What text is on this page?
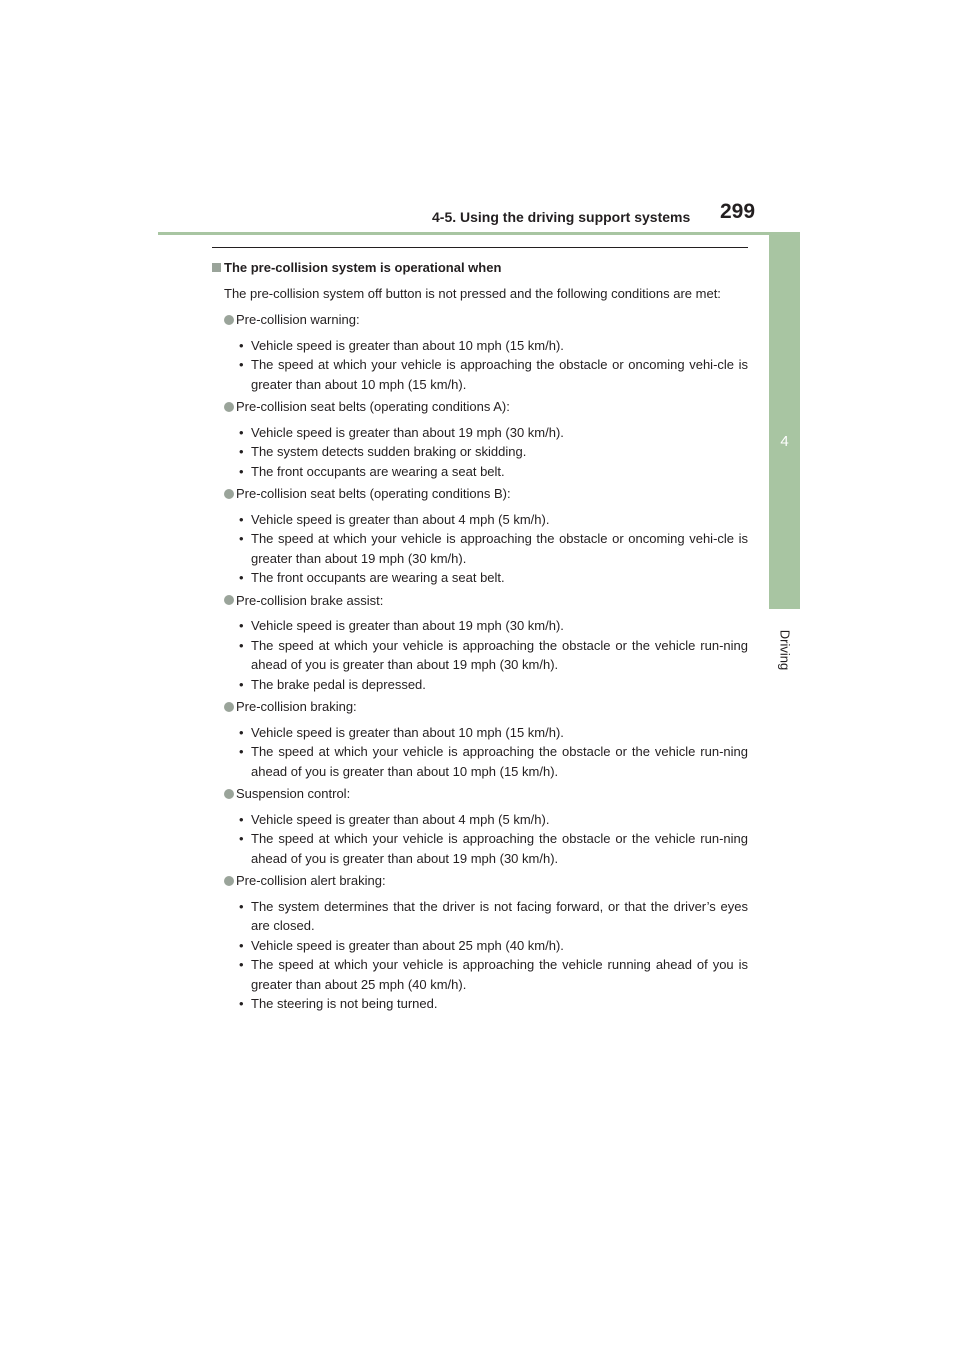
4-5. Using the driving support systems 299
4
Driving
The pre-collision system is operational when

The pre-collision system off button is not pressed and the following conditions are met:

Pre-collision warning:
• Vehicle speed is greater than about 10 mph (15 km/h).
• The speed at which your vehicle is approaching the obstacle or oncoming vehi-cle is greater than about 10 mph (15 km/h).
Pre-collision seat belts (operating conditions A):
• Vehicle speed is greater than about 19 mph (30 km/h).
• The system detects sudden braking or skidding.
• The front occupants are wearing a seat belt.
Pre-collision seat belts (operating conditions B):
• Vehicle speed is greater than about 4 mph (5 km/h).
• The speed at which your vehicle is approaching the obstacle or oncoming vehi-cle is greater than about 19 mph (30 km/h).
• The front occupants are wearing a seat belt.
Pre-collision brake assist:
• Vehicle speed is greater than about 19 mph (30 km/h).
• The speed at which your vehicle is approaching the obstacle or the vehicle run-ning ahead of you is greater than about 19 mph (30 km/h).
• The brake pedal is depressed.
Pre-collision braking:
• Vehicle speed is greater than about 10 mph (15 km/h).
• The speed at which your vehicle is approaching the obstacle or the vehicle run-ning ahead of you is greater than about 10 mph (15 km/h).
Suspension control:
• Vehicle speed is greater than about 4 mph (5 km/h).
• The speed at which your vehicle is approaching the obstacle or the vehicle run-ning ahead of you is greater than about 19 mph (30 km/h).
Pre-collision alert braking:
• The system determines that the driver is not facing forward, or that the driver’s eyes are closed.
• Vehicle speed is greater than about 25 mph (40 km/h).
• The speed at which your vehicle is approaching the vehicle running ahead of you is greater than about 25 mph (40 km/h).
• The steering is not being turned.
